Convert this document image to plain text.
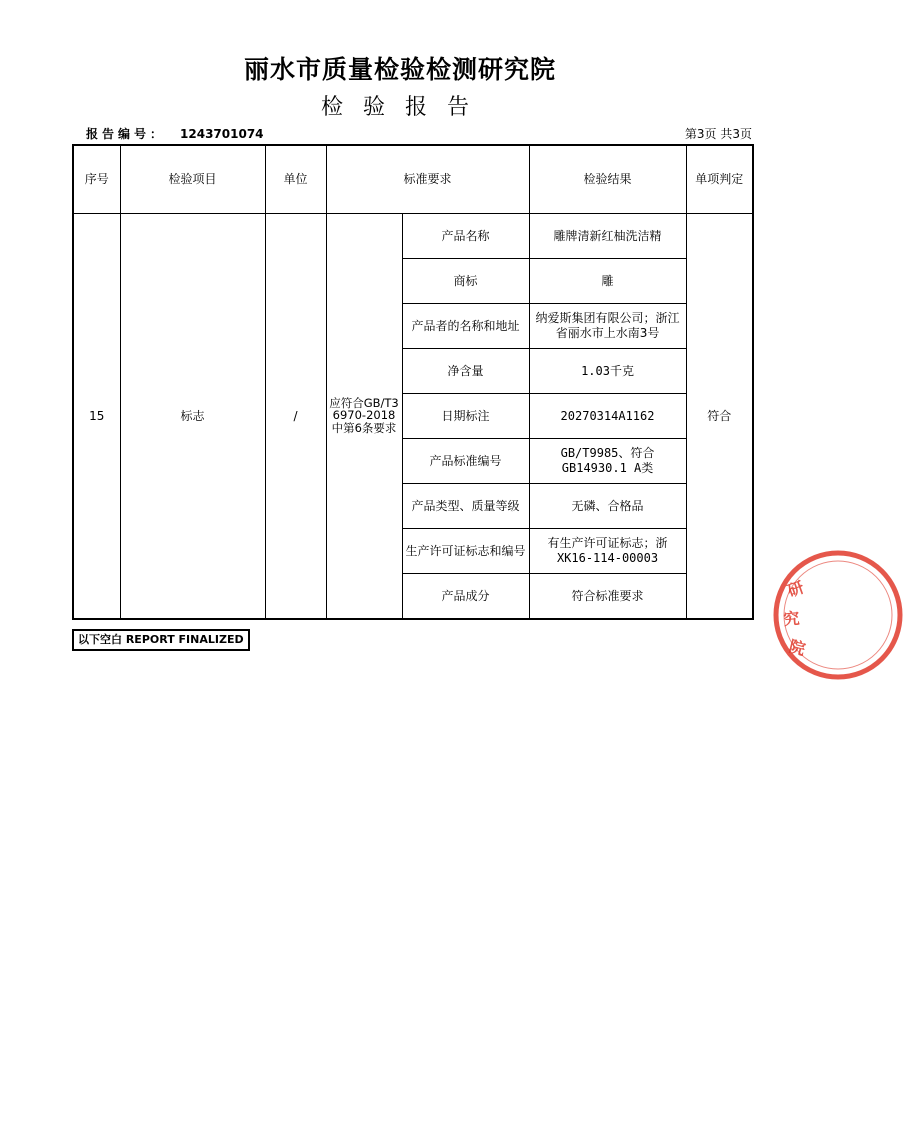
丽水市质量检验检测研究院
检验报告
报告编号： 1243701074	第3页 共3页
序号	检验项目	单位	标准要求		检验结果	单项判定
15	标志	/	应符合GB/T36970-2018中第6条要求	产品名称	雕牌清新红柚洗洁精	
				商标	雕	
				产品者的名称和地址	纳爱斯集团有限公司；浙江省丽水市上水南3号	
				净含量	1.03千克	
				日期标注	20270314A1162	符合
				产品标准编号	GB/T9985、符合GB14930.1 A类	
				产品类型、质量等级	无磷、合格品	
				生产许可证标志和编号	有生产许可证标志；浙XK16-114-00003	
				产品成分	符合标准要求	
以下空白 REPORT FINALIZED
研
究
院
